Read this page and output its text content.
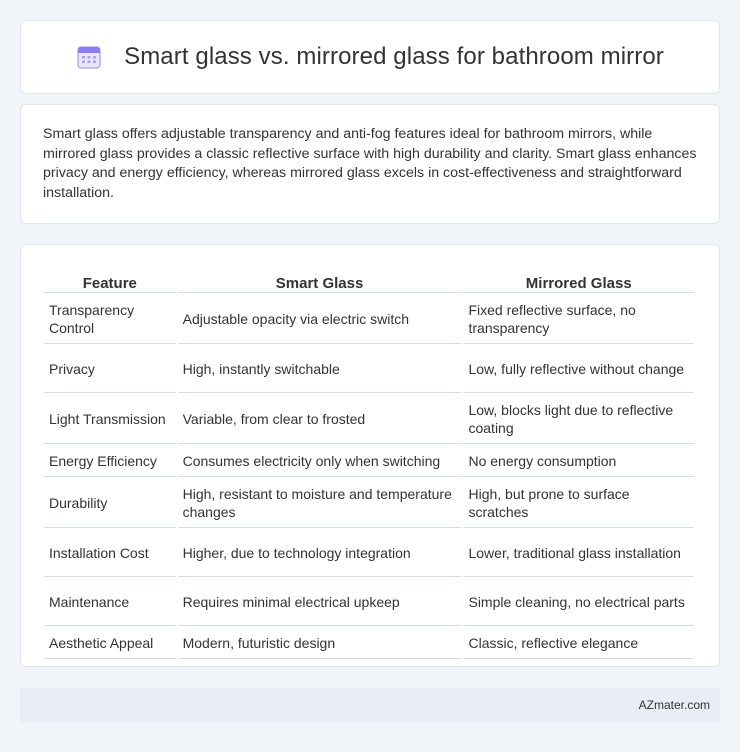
Smart glass vs. mirrored glass for bathroom mirror

Smart glass offers adjustable transparency and anti-fog features ideal for bathroom mirrors, while mirrored glass provides a classic reflective surface with high durability and clarity. Smart glass enhances privacy and energy efficiency, whereas mirrored glass excels in cost-effectiveness and straightforward installation.

Feature	Smart Glass	Mirrored Glass
Transparency Control	Adjustable opacity via electric switch	Fixed reflective surface, no transparency
Privacy	High, instantly switchable	Low, fully reflective without change
Light Transmission	Variable, from clear to frosted	Low, blocks light due to reflective coating
Energy Efficiency	Consumes electricity only when switching	No energy consumption
Durability	High, resistant to moisture and temperature changes	High, but prone to surface scratches
Installation Cost	Higher, due to technology integration	Lower, traditional glass installation
Maintenance	Requires minimal electrical upkeep	Simple cleaning, no electrical parts
Aesthetic Appeal	Modern, futuristic design	Classic, reflective elegance
AZmater.com
